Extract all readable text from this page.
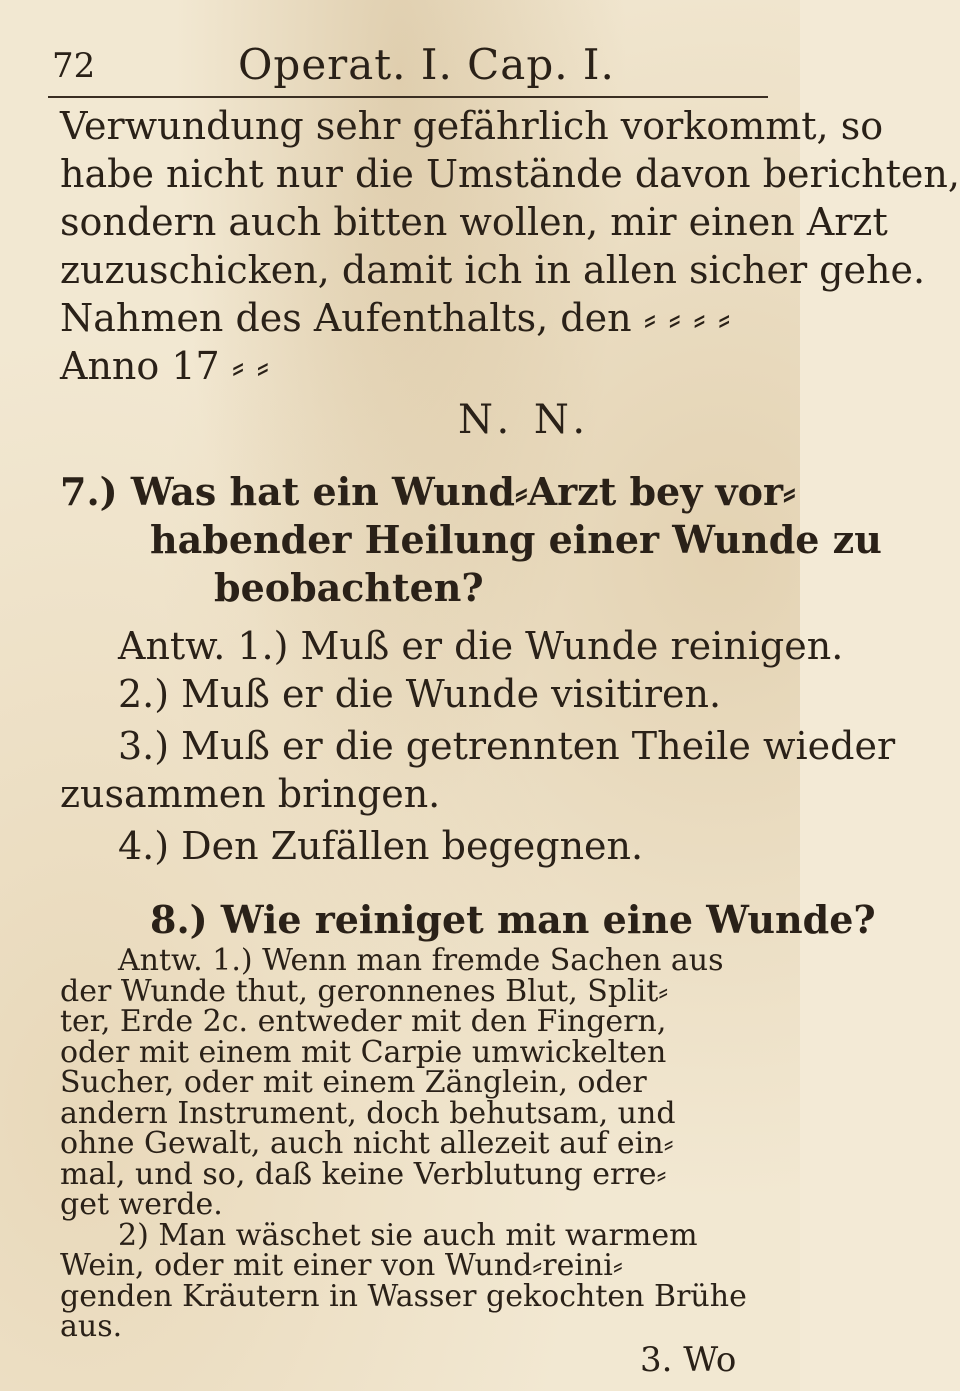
72	Operat. I. Cap. I.
Verwundung sehr gefährlich vorkommt, so
habe nicht nur die Umstände davon berichten,
sondern auch bitten wollen, mir einen Arzt
zuzuschicken, damit ich in allen sicher gehe.
Nahmen des Aufenthalts, den ⸗ ⸗ ⸗ ⸗
Anno 17 ⸗ ⸗
N. N.
7.) Was hat ein Wund⸗Arzt bey vor⸗
habender Heilung einer Wunde zu
beobachten?
Antw. 1.) Muß er die Wunde reinigen.
2.) Muß er die Wunde visitiren.
3.) Muß er die getrennten Theile wieder
zusammen bringen.
4.) Den Zufällen begegnen.
8.) Wie reiniget man eine Wunde?
Antw. 1.) Wenn man fremde Sachen aus
der Wunde thut, geronnenes Blut, Split⸗
ter, Erde 2c. entweder mit den Fingern,
oder mit einem mit Carpie umwickelten
Sucher, oder mit einem Zänglein, oder
andern Instrument, doch behutsam, und
ohne Gewalt, auch nicht allezeit auf ein⸗
mal, und so, daß keine Verblutung erre⸗
get werde.
2) Man wäschet sie auch mit warmem
Wein, oder mit einer von Wund⸗reini⸗
genden Kräutern in Wasser gekochten Brühe
aus.
3. Wo
